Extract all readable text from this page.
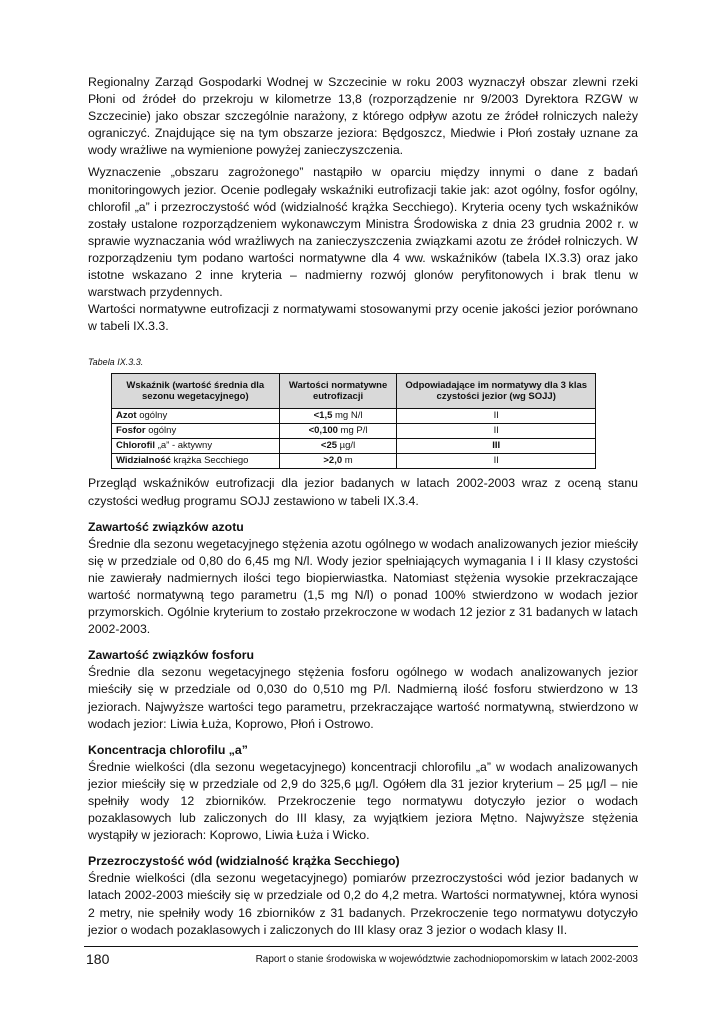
Regionalny Zarząd Gospodarki Wodnej w Szczecinie w roku 2003 wyznaczył obszar zlewni rzeki Płoni od źródeł do przekroju w kilometrze 13,8 (rozporządzenie nr 9/2003 Dyrektora RZGW w Szczecinie) jako obszar szczególnie narażony, z którego odpływ azotu ze źródeł rolniczych należy ograniczyć. Znajdujące się na tym obszarze jeziora: Będgoszcz, Miedwie i Płoń zostały uznane za wody wrażliwe na wymienione powyżej zanieczyszczenia.

Wyznaczenie „obszaru zagrożonego” nastąpiło w oparciu między innymi o dane z badań monitoringowych jezior. Ocenie podlegały wskaźniki eutrofizacji takie jak: azot ogólny, fosfor ogólny, chlorofil „a” i przezroczystość wód (widzialność krążka Secchiego). Kryteria oceny tych wskaźników zostały ustalone rozporządzeniem wykonawczym Ministra Środowiska z dnia 23 grudnia 2002 r. w sprawie wyznaczania wód wrażliwych na zanieczyszczenia związkami azotu ze źródeł rolniczych. W rozporządzeniu tym podano wartości normatywne dla 4 ww. wskaźników (tabela IX.3.3) oraz jako istotne wskazano 2 inne kryteria – nadmierny rozwój glonów peryfitonowych i brak tlenu w warstwach przydennych.

Wartości normatywne eutrofizacji z normatywami stosowanymi przy ocenie jakości jezior porównano w tabeli IX.3.3.

Tabela IX.3.3.
Wskaźnik (wartość średnia dla sezonu wegetacyjnego)	Wartości normatywne eutrofizacji	Odpowiadające im normatywy dla 3 klas czystości jezior (wg SOJJ)
Azot ogólny	<1,5 mg N/l	II
Fosfor ogólny	<0,100 mg P/l	II
Chlorofil „a” - aktywny	<25 µg/l	III
Widzialność krążka Secchiego	>2,0 m	II

Przegląd wskaźników eutrofizacji dla jezior badanych w latach 2002-2003 wraz z oceną stanu czystości według programu SOJJ zestawiono w tabeli IX.3.4.

Zawartość związków azotu

Średnie dla sezonu wegetacyjnego stężenia azotu ogólnego w wodach analizowanych jezior mieściły się w przedziale od 0,80 do 6,45 mg N/l. Wody jezior spełniających wymagania I i II klasy czystości nie zawierały nadmiernych ilości tego biopierwiastka. Natomiast stężenia wysokie przekraczające wartość normatywną tego parametru (1,5 mg N/l) o ponad 100% stwierdzono w wodach jezior przymorskich. Ogólnie kryterium to zostało przekroczone w wodach 12 jezior z 31 badanych w latach 2002-2003.

Zawartość związków fosforu

Średnie dla sezonu wegetacyjnego stężenia fosforu ogólnego w wodach analizowanych jezior mieściły się w przedziale od 0,030 do 0,510 mg P/l. Nadmierną ilość fosforu stwierdzono w 13 jeziorach. Najwyższe wartości tego parametru, przekraczające wartość normatywną, stwierdzono w wodach jezior: Liwia Łuża, Koprowo, Płoń i Ostrowo.

Koncentracja chlorofilu „a”

Średnie wielkości (dla sezonu wegetacyjnego) koncentracji chlorofilu „a” w wodach analizowanych jezior mieściły się w przedziale od 2,9 do 325,6 µg/l. Ogółem dla 31 jezior kryterium – 25 µg/l – nie spełniły wody 12 zbiorników. Przekroczenie tego normatywu dotyczyło jezior o wodach pozaklasowych lub zaliczonych do III klasy, za wyjątkiem jeziora Mętno. Najwyższe stężenia wystąpiły w jeziorach: Koprowo, Liwia Łuża i Wicko.

Przezroczystość wód (widzialność krążka Secchiego)

Średnie wielkości (dla sezonu wegetacyjnego) pomiarów przezroczystości wód jezior badanych w latach 2002-2003 mieściły się w przedziale od 0,2 do 4,2 metra. Wartości normatywnej, która wynosi 2 metry, nie spełniły wody 16 zbiorników z 31 badanych. Przekroczenie tego normatywu dotyczyło jezior o wodach pozaklasowych i zaliczonych do III klasy oraz 3 jezior o wodach klasy II.

180	Raport o stanie środowiska w województwie zachodniopomorskim w latach 2002-2003
